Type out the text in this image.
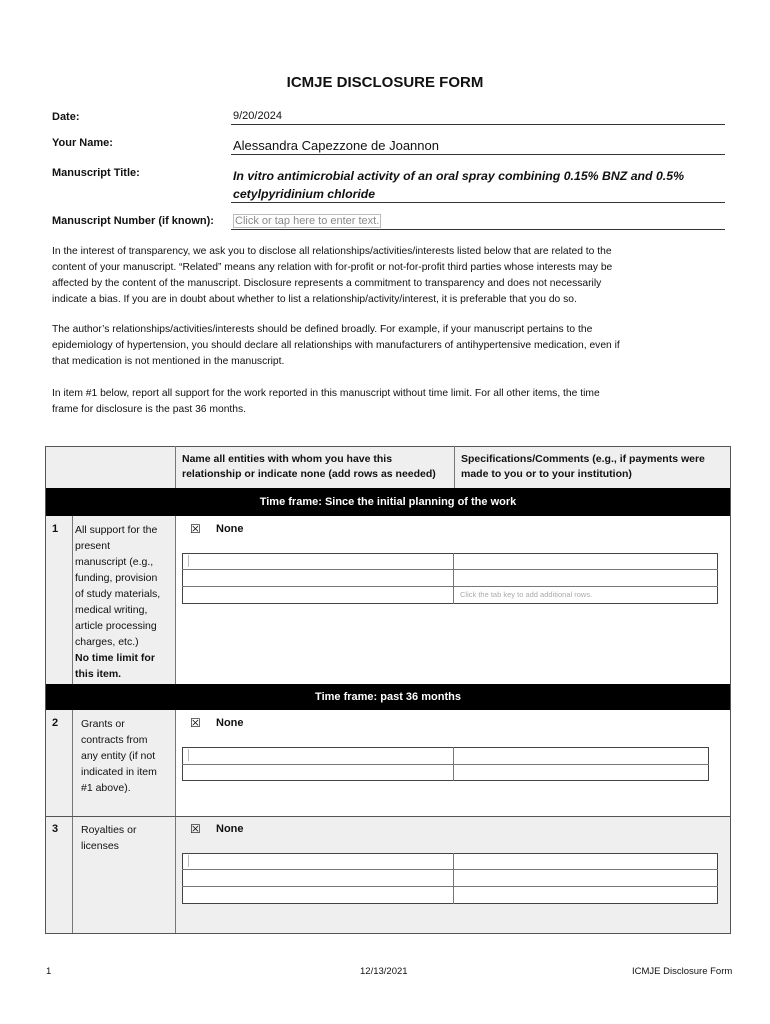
ICMJE DISCLOSURE FORM
Date:	9/20/2024
Your Name:	Alessandra Capezzone de Joannon
Manuscript Title:	In vitro antimicrobial activity of an oral spray combining 0.15% BNZ and 0.5%
cetylpyridinium chloride
Manuscript Number (if known): Click or tap here to enter text.
In the interest of transparency, we ask you to disclose all relationships/activities/interests listed below that are related to the
content of your manuscript. “Related” means any relation with for-profit or not-for-profit third parties whose interests may be
affected by the content of the manuscript. Disclosure represents a commitment to transparency and does not necessarily
indicate a bias. If you are in doubt about whether to list a relationship/activity/interest, it is preferable that you do so.
The author’s relationships/activities/interests should be defined broadly. For example, if your manuscript pertains to the
epidemiology of hypertension, you should declare all relationships with manufacturers of antihypertensive medication, even if
that medication is not mentioned in the manuscript.
In item #1 below, report all support for the work reported in this manuscript without time limit. For all other items, the time
frame for disclosure is the past 36 months.
Name all entities with whom you have this
relationship or indicate none (add rows as needed)
Specifications/Comments (e.g., if payments were
made to you or to your institution)
Time frame: Since the initial planning of the work
1 All support for the
present
manuscript (e.g.,
funding, provision
of study materials,
medical writing,
article processing
charges, etc.)
No time limit for
this item.
☒ None
Click the tab key to add additional rows.
Time frame: past 36 months
2 Grants or
contracts from
any entity (if not
indicated in item
#1 above).
☒ None
3 Royalties or
licenses
☒ None
1	12/13/2021	ICMJE Disclosure Form
